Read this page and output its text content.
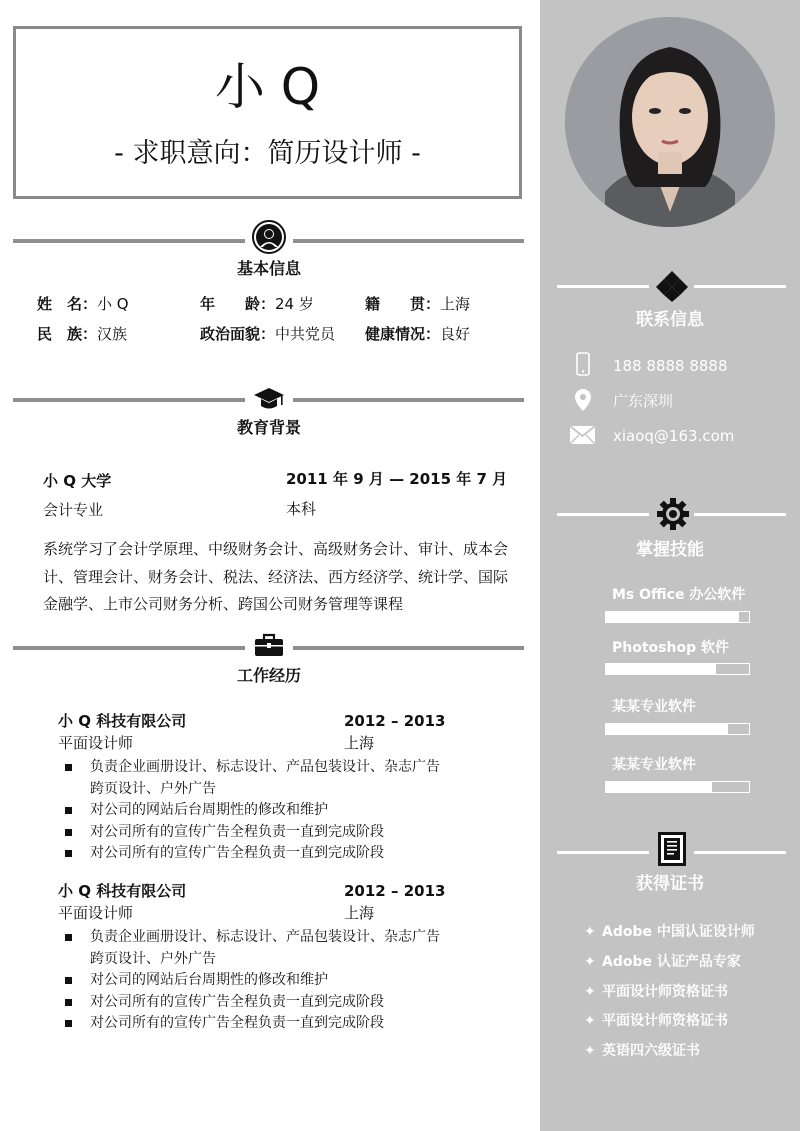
联系信息
188 8888 8888
广东深圳
xiaoq@163.com
掌握技能
Ms Office 办公软件
Photoshop 软件
某某专业软件
某某专业软件
获得证书
✦ Adobe 中国认证设计师
✦ Adobe 认证产品专家
✦ 平面设计师资格证书
✦ 平面设计师资格证书
✦ 英语四六级证书
小 Q
- 求职意向：简历设计师 -
基本信息
姓　名：小 Q	年　　龄：24 岁	籍　　贯：上海
民　族：汉族	政治面貌：中共党员 健康情况：良好
教育背景
小 Q 大学	2011 年 9 月 — 2015 年 7 月
会计专业	本科
系统学习了会计学原理、中级财务会计、高级财务会计、审计、成本会计、管理会计、财务会计、税法、经济法、西方经济学、统计学、国际金融学、上市公司财务分析、跨国公司财务管理等课程
工作经历
小 Q 科技有限公司	2012 – 2013
平面设计师	上海
负责企业画册设计、标志设计、产品包装设计、杂志广告跨页设计、户外广告
对公司的网站后台周期性的修改和维护
对公司所有的宣传广告全程负责一直到完成阶段
对公司所有的宣传广告全程负责一直到完成阶段
小 Q 科技有限公司	2012 – 2013
平面设计师	上海
负责企业画册设计、标志设计、产品包装设计、杂志广告跨页设计、户外广告
对公司的网站后台周期性的修改和维护
对公司所有的宣传广告全程负责一直到完成阶段
对公司所有的宣传广告全程负责一直到完成阶段
